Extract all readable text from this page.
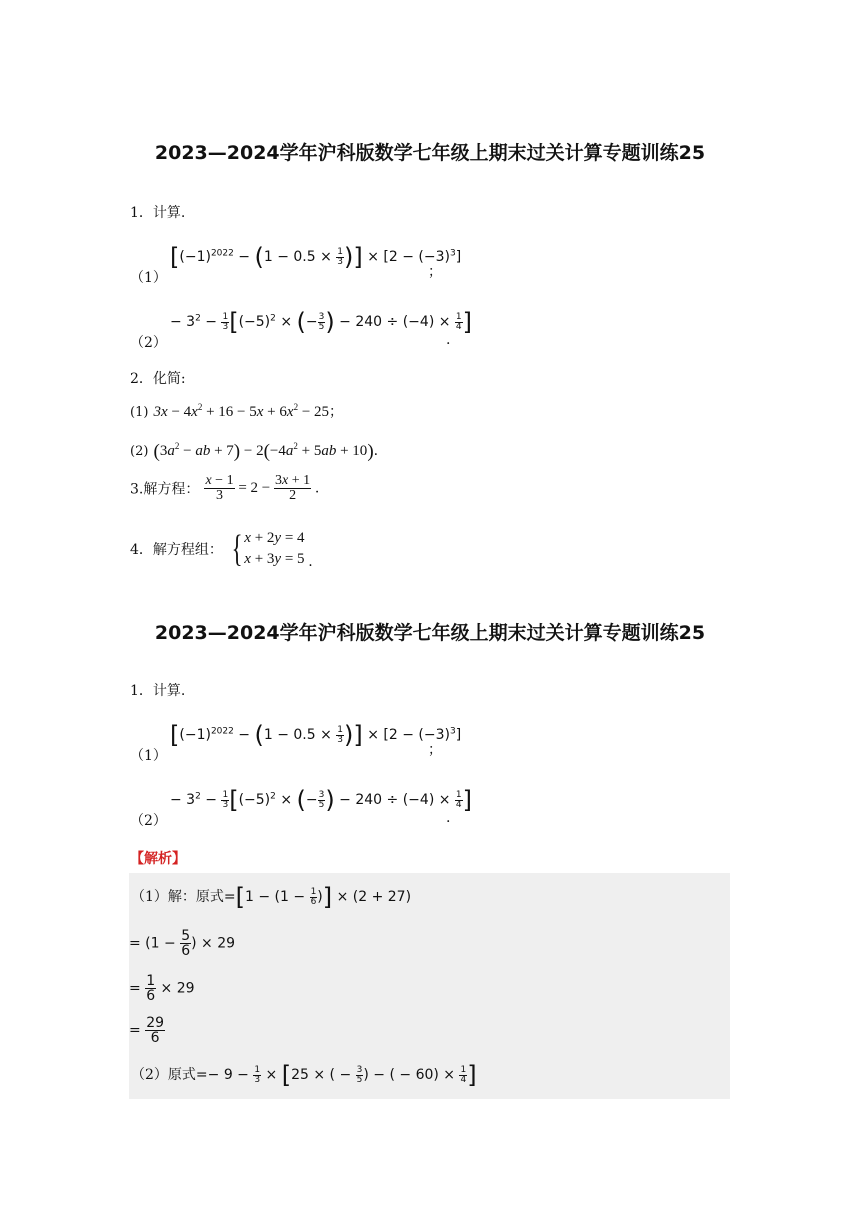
2023—2024学年沪科版数学七年级上期末过关计算专题训练25
1．计算.
（1）
[$(-1)^{2022} - (1 - 0.5 \times \frac{1}{3}$ )] × $[2 - (-3)^3]$
；
（2）
− $3^2 - \frac{1}{3} [(-5)^2$ × (− $\frac{3}{5}$ ) − $240 \div (-4) \times \frac{1}{4}$ ]
.
2．化简:
(1) $3x - 4x^2 + 16 - 5x + 6x^2 - 25$；
(2) ($3a^2$ − ab + $7) - 2(-4a^2 + 5ab + 10)$.
3.解方程： $\frac{x - 1}{3} = 2 - \frac{3x + 1}{2}$ .
4．解方程组： { x + 2y = 4
x + 3y = 5 .
2023—2024学年沪科版数学七年级上期末过关计算专题训练25
1．计算.
（1）
[$(-1)^{2022} - (1 - 0.5 \times \frac{1}{3}$ )] × $[2 - (-3)^3]$
；
（2）
− $3^2 - \frac{1}{3} [(-5)^2$ × (− $\frac{3}{5}$ ) − $240 \div (-4) \times \frac{1}{4}$ ]
.
【解析】
（1）解：原式$=[1 - (1 - \frac{1}{6}$ )] × (2 + 27)
= ($1 - \frac{5}{6}$ ) × 29
= $\frac{1}{6} \times 29$
= $\frac{29}{6}$
（2）原式=− $9 - \frac{1}{3} \times [25$ × ( − $\frac{3}{5}$ ) − ( − $60) \times \frac{1}{4}$ ]
